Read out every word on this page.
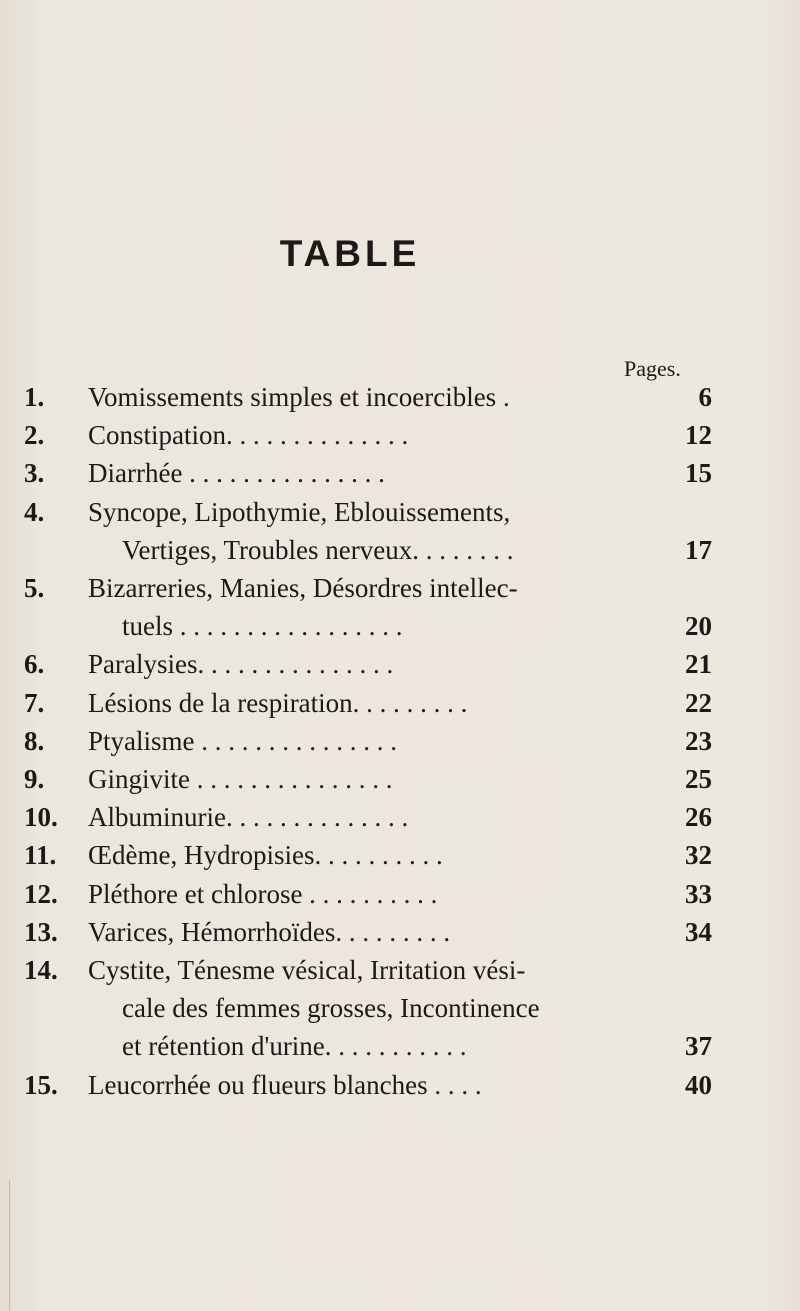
TABLE
Pages.
1.	Vomissements simples et incoercibles .	6
2.	Constipation. . . . . . . . . . . . . .	12
3.	Diarrhée . . . . . . . . . . . . . . .	15
4.	Syncope, Lipothymie, Eblouissements,
Vertiges, Troubles nerveux. . . . . . . .	17
5.	Bizarreries, Manies, Désordres intellec-
tuels . . . . . . . . . . . . . . . . .	20
6.	Paralysies. . . . . . . . . . . . . . .	21
7.	Lésions de la respiration. . . . . . . . .	22
8.	Ptyalisme . . . . . . . . . . . . . . .	23
9.	Gingivite . . . . . . . . . . . . . . .	25
10.	Albuminurie. . . . . . . . . . . . . .	26
11.	Œdème, Hydropisies. . . . . . . . . .	32
12.	Pléthore et chlorose . . . . . . . . . .	33
13.	Varices, Hémorrhoïdes. . . . . . . . .	34
14.	Cystite, Ténesme vésical, Irritation vési-
cale des femmes grosses, Incontinence
et rétention d'urine. . . . . . . . . . .	37
15.	Leucorrhée ou flueurs blanches . . . .	40
